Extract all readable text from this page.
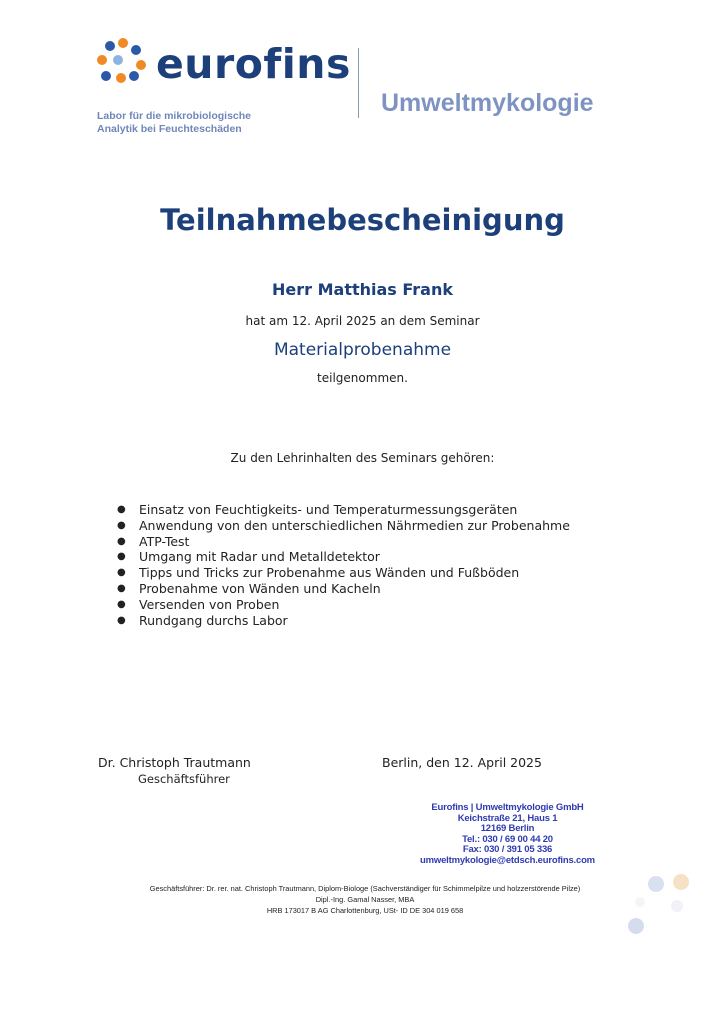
eurofins
Labor für die mikrobiologische
Analytik bei Feuchteschäden
Umweltmykologie
Teilnahmebescheinigung
Herr Matthias Frank
hat am 12. April 2025 an dem Seminar
Materialprobenahme
teilgenommen.
Zu den Lehrinhalten des Seminars gehören:
●	Einsatz von Feuchtigkeits- und Temperaturmessungsgeräten
●	Anwendung von den unterschiedlichen Nährmedien zur Probenahme
●	ATP-Test
●	Umgang mit Radar und Metalldetektor
●	Tipps und Tricks zur Probenahme aus Wänden und Fußböden
●	Probenahme von Wänden und Kacheln
●	Versenden von Proben
●	Rundgang durchs Labor
Dr. Christoph Trautmann
Geschäftsführer
Berlin, den 12. April 2025
Eurofins | Umweltmykologie GmbH
Keichstraße 21, Haus 1
12169 Berlin
Tel.: 030 / 69 00 44 20
Fax: 030 / 391 05 336
umweltmykologie@etdsch.eurofins.com
Geschäftsführer: Dr. rer. nat. Christoph Trautmann, Diplom-Biologe (Sachverständiger für Schimmelpilze und holzzerstörende Pilze)
Dipl.-Ing. Gamal Nasser, MBA
HRB 173017 B AG Charlottenburg, USt- ID DE 304 019 658
